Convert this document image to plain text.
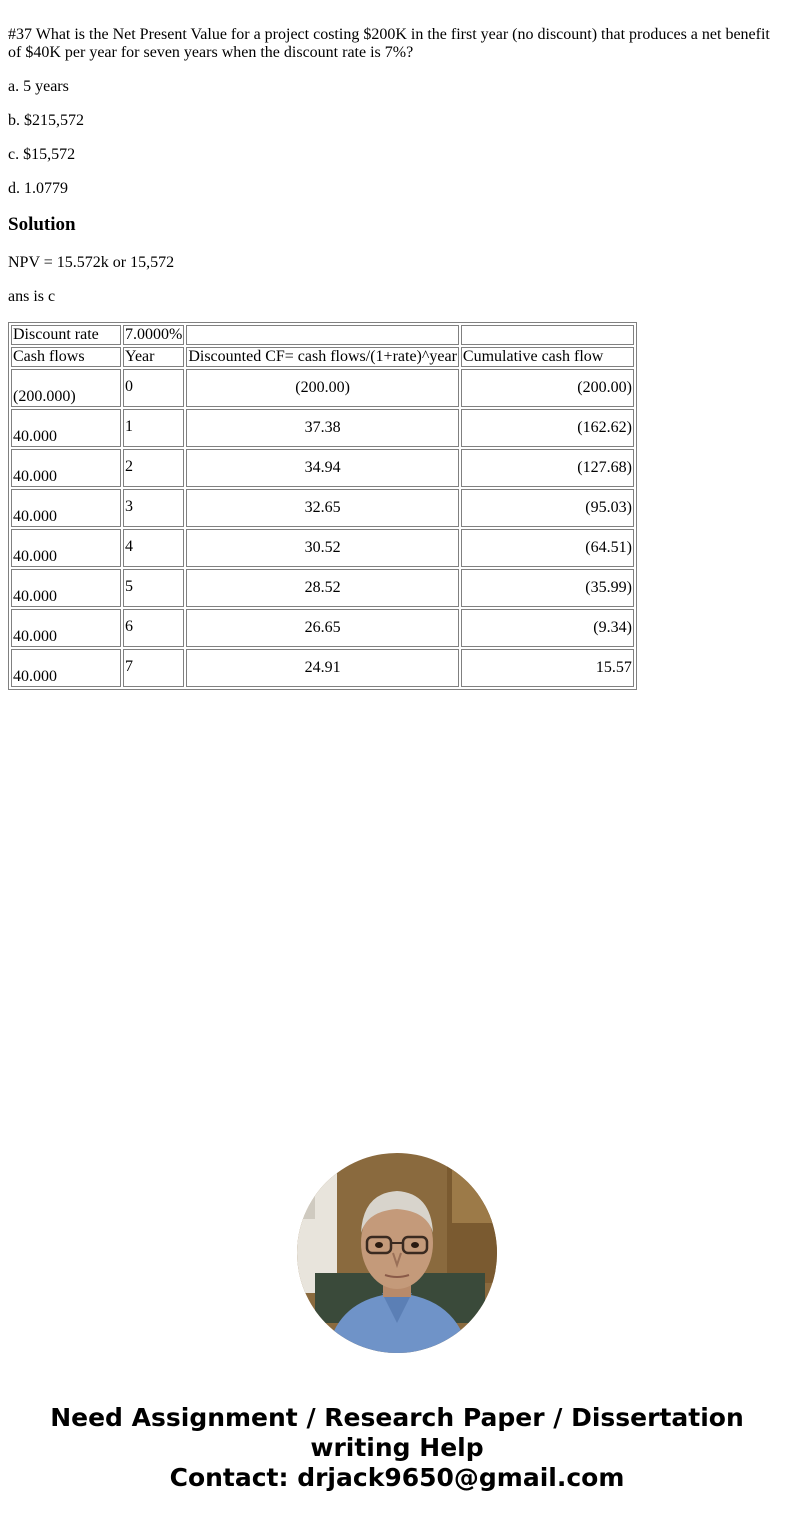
#37 What is the Net Present Value for a project costing $200K in the first year (no discount) that produces a net benefit of $40K per year for seven years when the discount rate is 7%?

a. 5 years

b. $215,572

c. $15,572

d. 1.0779

Solution

NPV = 15.572k or 15,572

ans is c

Discount rate	7.0000%		
Cash flows	Year	Discounted CF= cash flows/(1+rate)^year	Cumulative cash flow
(200.000)	0	(200.00)	(200.00)
40.000	1	37.38	(162.62)
40.000	2	34.94	(127.68)
40.000	3	32.65	(95.03)
40.000	4	30.52	(64.51)
40.000	5	28.52	(35.99)
40.000	6	26.65	(9.34)
40.000	7	24.91	15.57
Need Assignment / Research Paper / Dissertation writing Help
Contact: drjack9650@gmail.com
